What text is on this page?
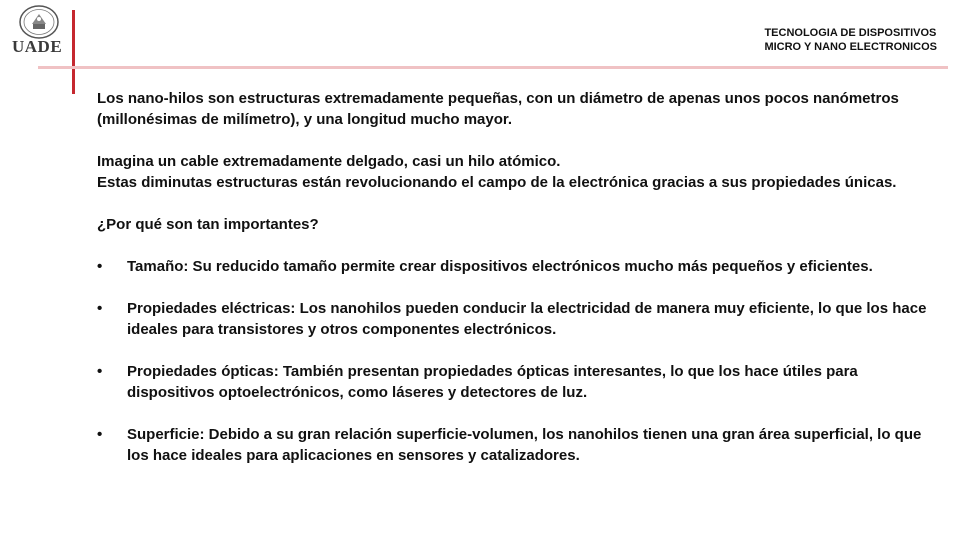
UADE
TECNOLOGIA DE DISPOSITIVOS
MICRO Y NANO ELECTRONICOS

Los nano-hilos son estructuras extremadamente pequeñas, con un diámetro de apenas unos pocos nanómetros (millonésimas de milímetro), y una longitud mucho mayor.

Imagina un cable extremadamente delgado, casi un hilo atómico.

Estas diminutas estructuras están revolucionando el campo de la electrónica gracias a sus propiedades únicas.

¿Por qué son tan importantes?

• Tamaño: Su reducido tamaño permite crear dispositivos electrónicos mucho más pequeños y eficientes.
• Propiedades eléctricas: Los nanohilos pueden conducir la electricidad de manera muy eficiente, lo que los hace ideales para transistores y otros componentes electrónicos.
• Propiedades ópticas: También presentan propiedades ópticas interesantes, lo que los hace útiles para dispositivos optoelectrónicos, como láseres y detectores de luz.
• Superficie: Debido a su gran relación superficie-volumen, los nanohilos tienen una gran área superficial, lo que los hace ideales para aplicaciones en sensores y catalizadores.
